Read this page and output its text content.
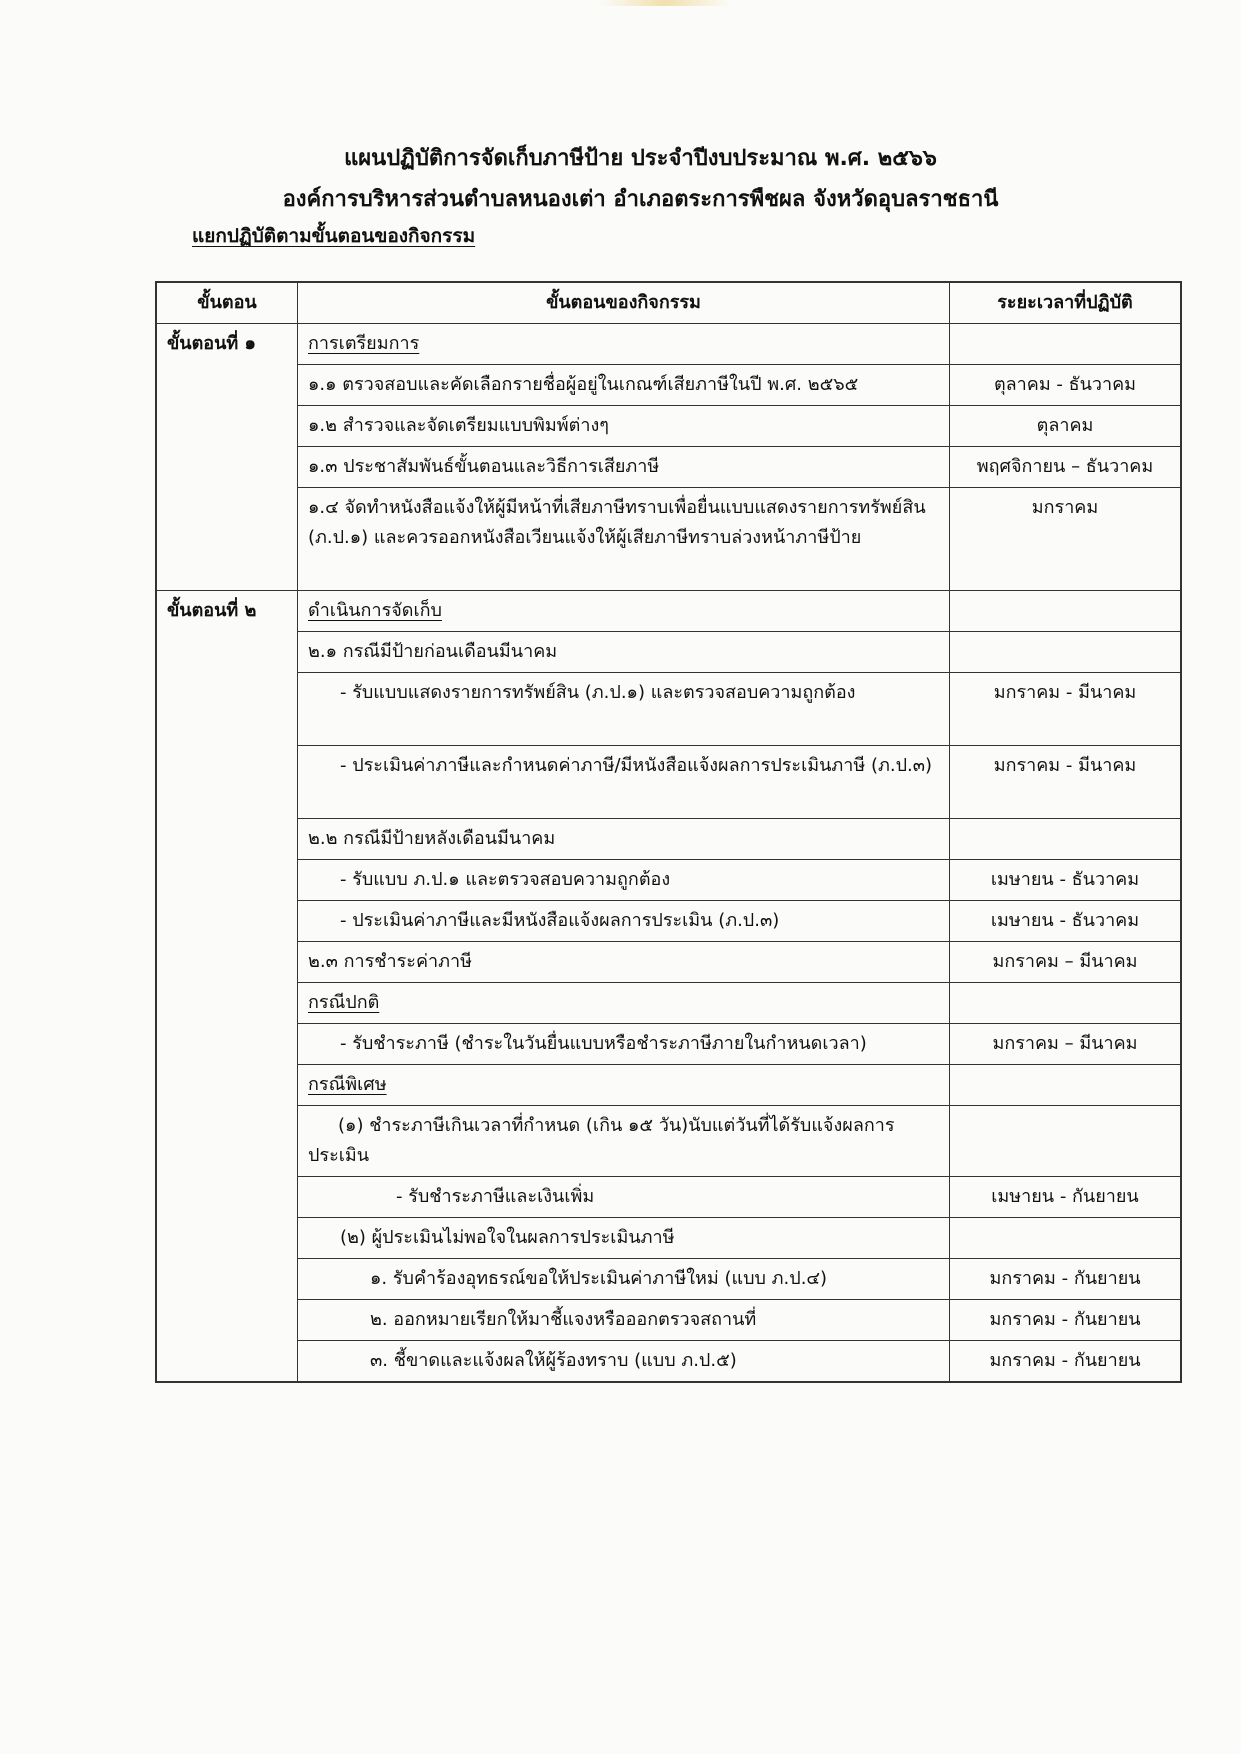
แผนปฏิบัติการจัดเก็บภาษีป้าย ประจำปีงบประมาณ พ.ศ. ๒๕๖๖
องค์การบริหารส่วนตำบลหนองเต่า อำเภอตระการพืชผล จังหวัดอุบลราชธานี
แยกปฏิบัติตามขั้นตอนของกิจกรรม
ขั้นตอน	ขั้นตอนของกิจกรรม	ระยะเวลาที่ปฏิบัติ
ขั้นตอนที่ ๑	การเตรียมการ	
	๑.๑ ตรวจสอบและคัดเลือกรายชื่อผู้อยู่ในเกณฑ์เสียภาษีในปี พ.ศ. ๒๕๖๕	ตุลาคม - ธันวาคม
	๑.๒ สำรวจและจัดเตรียมแบบพิมพ์ต่างๆ	ตุลาคม
	๑.๓ ประชาสัมพันธ์ขั้นตอนและวิธีการเสียภาษี	พฤศจิกายน – ธันวาคม
	๑.๔ จัดทำหนังสือแจ้งให้ผู้มีหน้าที่เสียภาษีทราบเพื่อยื่นแบบแสดงรายการทรัพย์สิน (ภ.ป.๑) และควรออกหนังสือเวียนแจ้งให้ผู้เสียภาษีทราบล่วงหน้าภาษีป้าย	มกราคม
ขั้นตอนที่ ๒	ดำเนินการจัดเก็บ	
	๒.๑ กรณีมีป้ายก่อนเดือนมีนาคม	
	- รับแบบแสดงรายการทรัพย์สิน (ภ.ป.๑) และตรวจสอบความถูกต้อง	มกราคม - มีนาคม
	- ประเมินค่าภาษีและกำหนดค่าภาษี/มีหนังสือแจ้งผลการประเมินภาษี (ภ.ป.๓)	มกราคม - มีนาคม
	๒.๒ กรณีมีป้ายหลังเดือนมีนาคม	
	- รับแบบ ภ.ป.๑ และตรวจสอบความถูกต้อง	เมษายน - ธันวาคม
	- ประเมินค่าภาษีและมีหนังสือแจ้งผลการประเมิน (ภ.ป.๓)	เมษายน - ธันวาคม
	๒.๓ การชำระค่าภาษี	มกราคม – มีนาคม
	กรณีปกติ	
	- รับชำระภาษี (ชำระในวันยื่นแบบหรือชำระภาษีภายในกำหนดเวลา)	มกราคม – มีนาคม
	กรณีพิเศษ	
	(๑) ชำระภาษีเกินเวลาที่กำหนด (เกิน ๑๕ วัน)นับแต่วันที่ได้รับแจ้งผลการประเมิน	
	- รับชำระภาษีและเงินเพิ่ม	เมษายน - กันยายน
	(๒) ผู้ประเมินไม่พอใจในผลการประเมินภาษี	
	๑. รับคำร้องอุทธรณ์ขอให้ประเมินค่าภาษีใหม่ (แบบ ภ.ป.๔)	มกราคม - กันยายน
	๒. ออกหมายเรียกให้มาชี้แจงหรือออกตรวจสถานที่	มกราคม - กันยายน
	๓. ชี้ขาดและแจ้งผลให้ผู้ร้องทราบ (แบบ ภ.ป.๕)	มกราคม - กันยายน
